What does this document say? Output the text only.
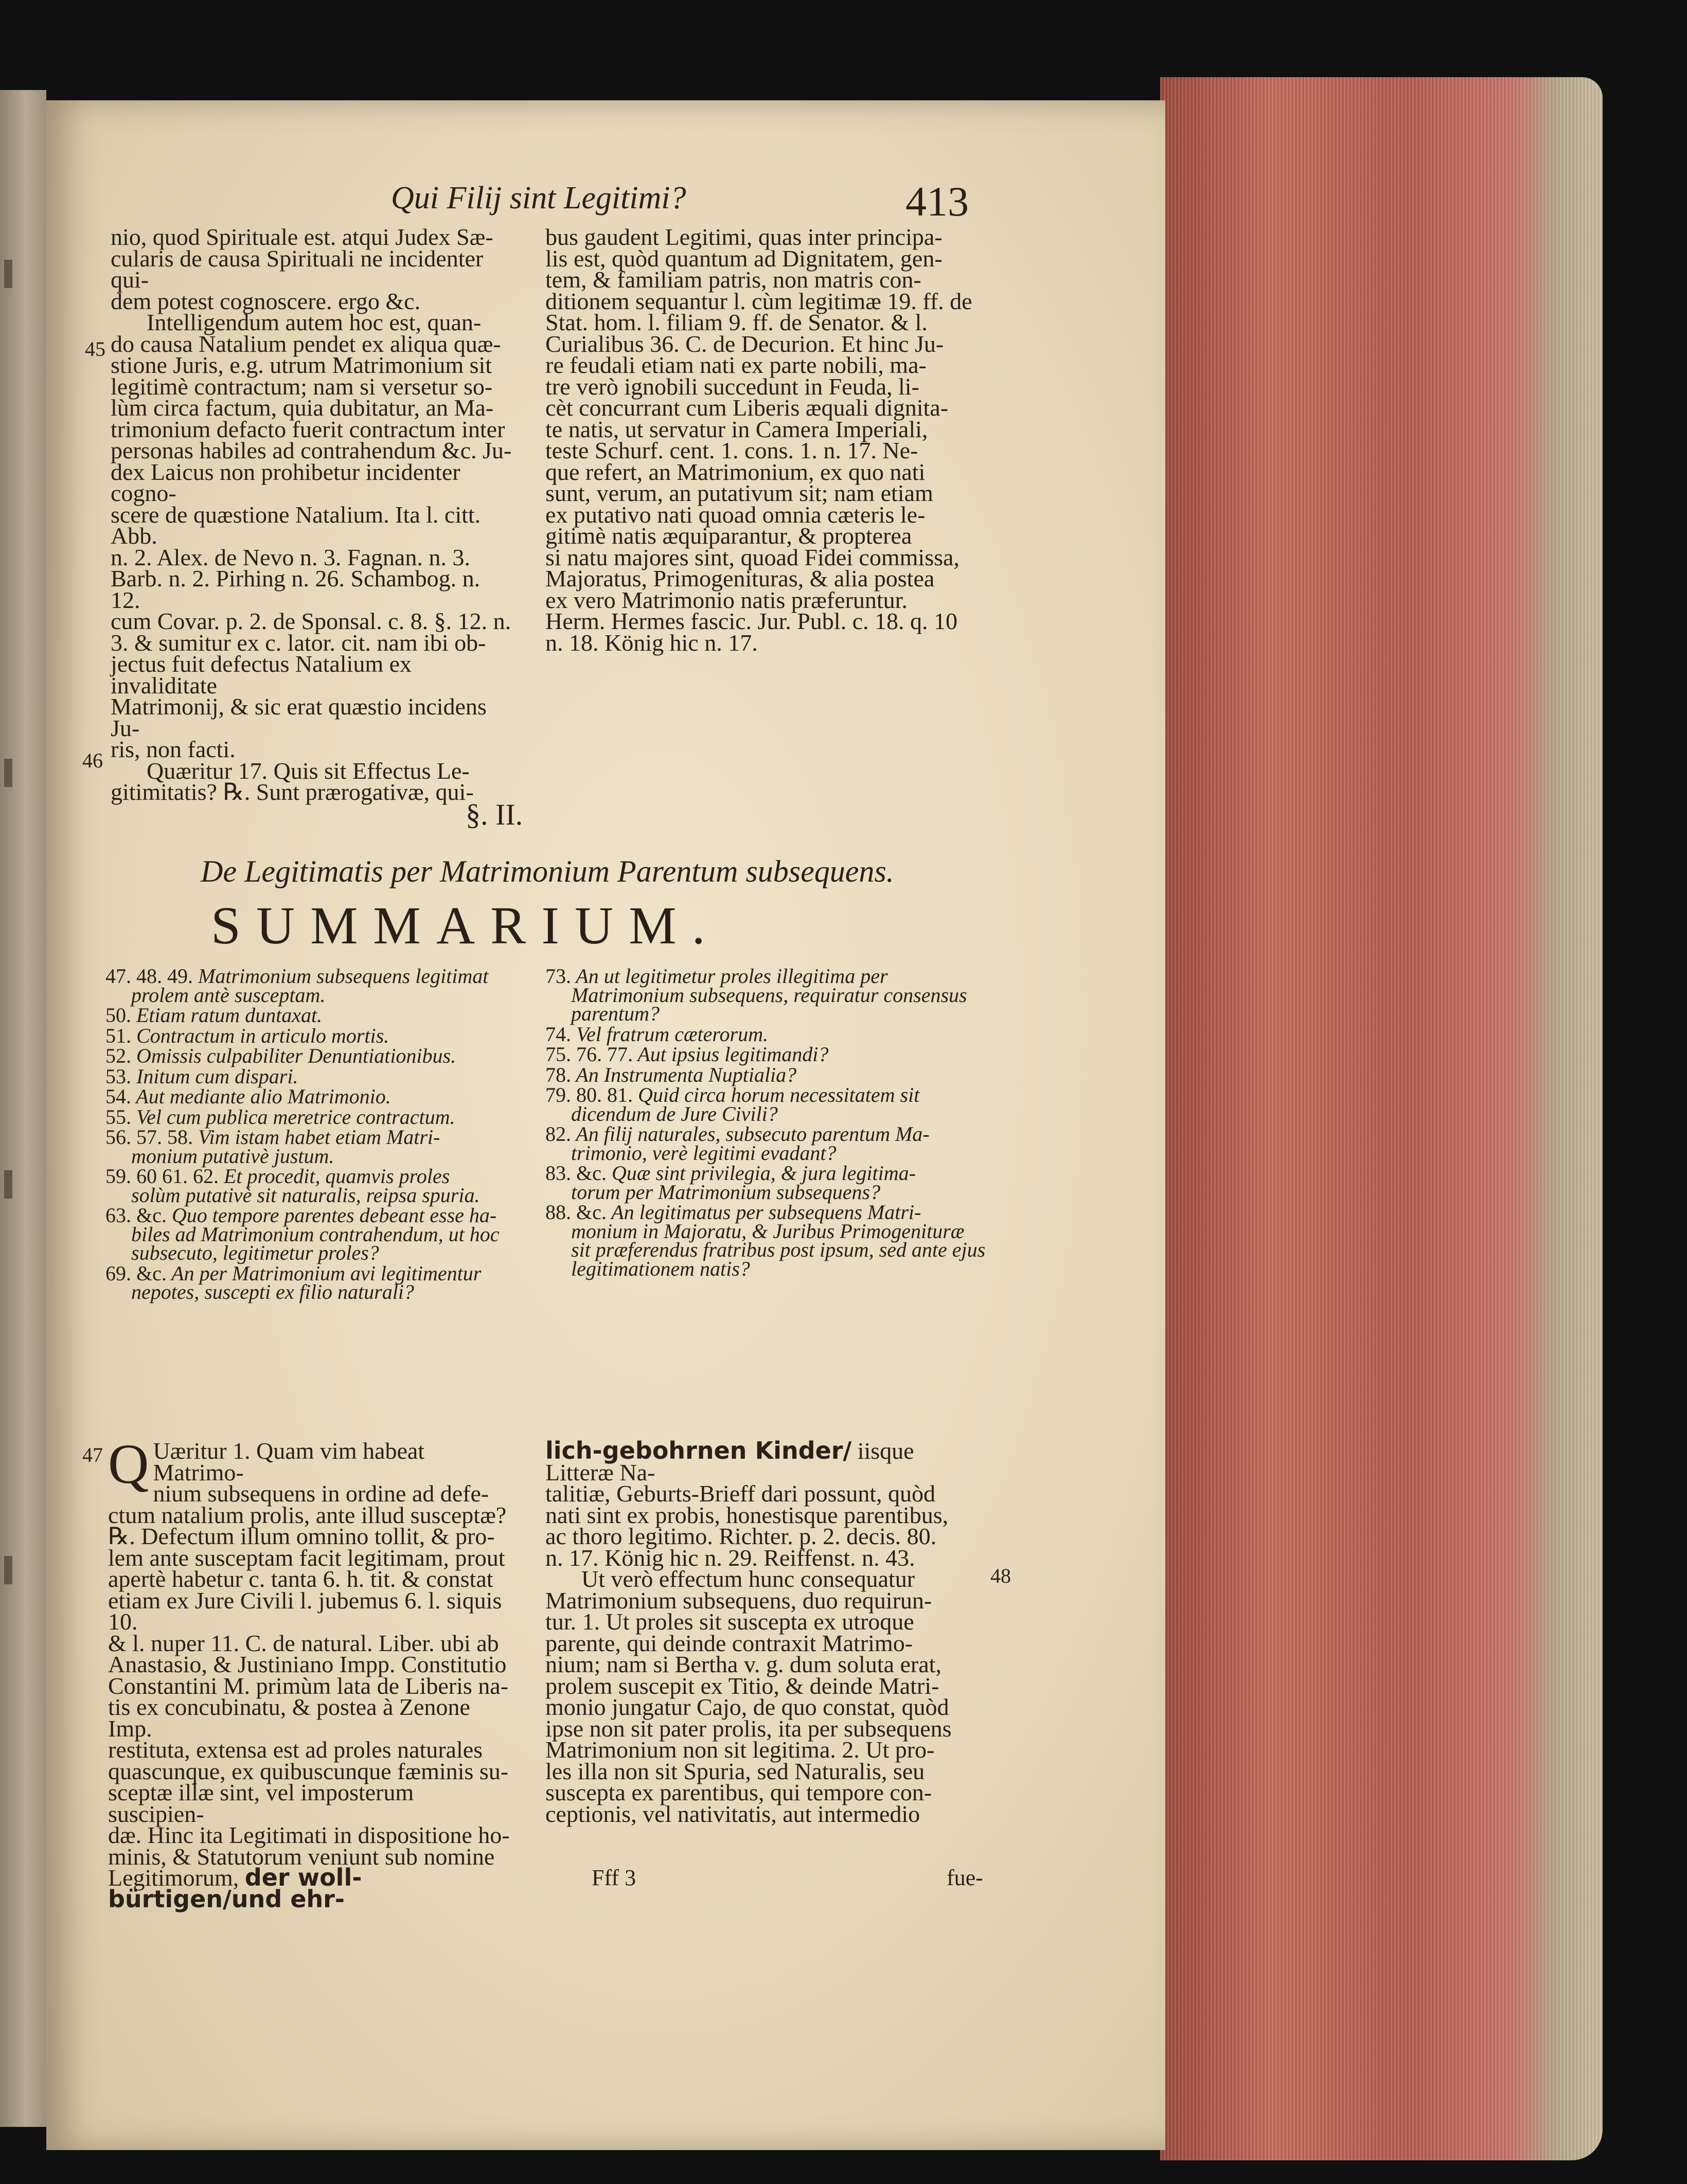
Qui Filij sint Legitimi?	413
45
46
47
48

nio, quod Spirituale est. atqui Judex Sæ-

cularis de causa Spirituali ne incidenter qui-

dem potest cognoscere. ergo &c.

Intelligendum autem hoc est, quan-

do causa Natalium pendet ex aliqua quæ-

stione Juris, e.g. utrum Matrimonium sit

legitimè contractum; nam si versetur so-

lùm circa factum, quia dubitatur, an Ma-

trimonium defacto fuerit contractum inter

personas habiles ad contrahendum &c. Ju-

dex Laicus non prohibetur incidenter cogno-

scere de quæstione Natalium. Ita l. citt. Abb.

n. 2. Alex. de Nevo n. 3. Fagnan. n. 3.

Barb. n. 2. Pirhing n. 26. Schambog. n. 12.

cum Covar. p. 2. de Sponsal. c. 8. §. 12. n.

3. & sumitur ex c. lator. cit. nam ibi ob-

jectus fuit defectus Natalium ex invaliditate

Matrimonij, & sic erat quæstio incidens Ju-

ris, non facti.

Quæritur 17. Quis sit Effectus Le-

gitimitatis? ℞. Sunt prærogativæ, qui-

bus gaudent Legitimi, quas inter principa-

lis est, quòd quantum ad Dignitatem, gen-

tem, & familiam patris, non matris con-

ditionem sequantur l. cùm legitimæ 19. ff. de

Stat. hom. l. filiam 9. ff. de Senator. & l.

Curialibus 36. C. de Decurion. Et hinc Ju-

re feudali etiam nati ex parte nobili, ma-

tre verò ignobili succedunt in Feuda, li-

cèt concurrant cum Liberis æquali dignita-

te natis, ut servatur in Camera Imperiali,

teste Schurf. cent. 1. cons. 1. n. 17. Ne-

que refert, an Matrimonium, ex quo nati

sunt, verum, an putativum sit; nam etiam

ex putativo nati quoad omnia cæteris le-

gitimè natis æquiparantur, & propterea

si natu majores sint, quoad Fidei commissa,

Majoratus, Primogenituras, & alia postea

ex vero Matrimonio natis præferuntur.

Herm. Hermes fascic. Jur. Publ. c. 18. q. 10

n. 18. König hic n. 17.

§. II.
De Legitimatis per Matrimonium Parentum subsequens.
SUMMARIUM.
47. 48. 49. Matrimonium subsequens legitimat
prolem antè susceptam.
50. Etiam ratum duntaxat.
51. Contractum in articulo mortis.
52. Omissis culpabiliter Denuntiationibus.
53. Initum cum dispari.
54. Aut mediante alio Matrimonio.
55. Vel cum publica meretrice contractum.
56. 57. 58. Vim istam habet etiam Matri-
monium putativè justum.
59. 60 61. 62. Et procedit, quamvis proles
solùm putativè sit naturalis, reipsa spuria.
63. &c. Quo tempore parentes debeant esse ha-
biles ad Matrimonium contrahendum, ut hoc subsecuto, legitimetur proles?
69. &c. An per Matrimonium avi legitimentur
nepotes, suscepti ex filio naturali?
73. An ut legitimetur proles illegitima per
Matrimonium subsequens, requiratur consensus parentum?
74. Vel fratrum cæterorum.
75. 76. 77. Aut ipsius legitimandi?
78. An Instrumenta Nuptialia?
79. 80. 81. Quid circa horum necessitatem sit
dicendum de Jure Civili?
82. An filij naturales, subsecuto parentum Ma-
trimonio, verè legitimi evadant?
83. &c. Quæ sint privilegia, & jura legitima-
torum per Matrimonium subsequens?
88. &c. An legitimatus per subsequens Matri-
monium in Majoratu, & Juribus Primogenituræ sit præferendus fratribus post ipsum, sed ante ejus legitimationem natis?

Q Uæritur 1. Quam vim habeat Matrimo-

nium subsequens in ordine ad defe-

ctum natalium prolis, ante illud susceptæ?

℞. Defectum illum omnino tollit, & pro-

lem ante susceptam facit legitimam, prout

apertè habetur c. tanta 6. h. tit. & constat

etiam ex Jure Civili l. jubemus 6. l. siquis 10.

& l. nuper 11. C. de natural. Liber. ubi ab

Anastasio, & Justiniano Impp. Constitutio

Constantini M. primùm lata de Liberis na-

tis ex concubinatu, & postea à Zenone Imp.

restituta, extensa est ad proles naturales

quascunque, ex quibuscunque fæminis su-

sceptæ illæ sint, vel imposterum suscipien-

dæ. Hinc ita Legitimati in dispositione ho-

minis, & Statutorum veniunt sub nomine

Legitimorum, der woll-bürtigen/und ehr-

lich-gebohrnen Kinder/ iisque Litteræ Na-

talitiæ, Geburts-Brieff dari possunt, quòd

nati sint ex probis, honestisque parentibus,

ac thoro legitimo. Richter. p. 2. decis. 80.

n. 17. König hic n. 29. Reiffenst. n. 43.

Ut verò effectum hunc consequatur

Matrimonium subsequens, duo requirun-

tur. 1. Ut proles sit suscepta ex utroque

parente, qui deinde contraxit Matrimo-

nium; nam si Bertha v. g. dum soluta erat,

prolem suscepit ex Titio, & deinde Matri-

monio jungatur Cajo, de quo constat, quòd

ipse non sit pater prolis, ita per subsequens

Matrimonium non sit legitima. 2. Ut pro-

les illa non sit Spuria, sed Naturalis, seu

suscepta ex parentibus, qui tempore con-

ceptionis, vel nativitatis, aut intermedio

Fff 3	fue-
